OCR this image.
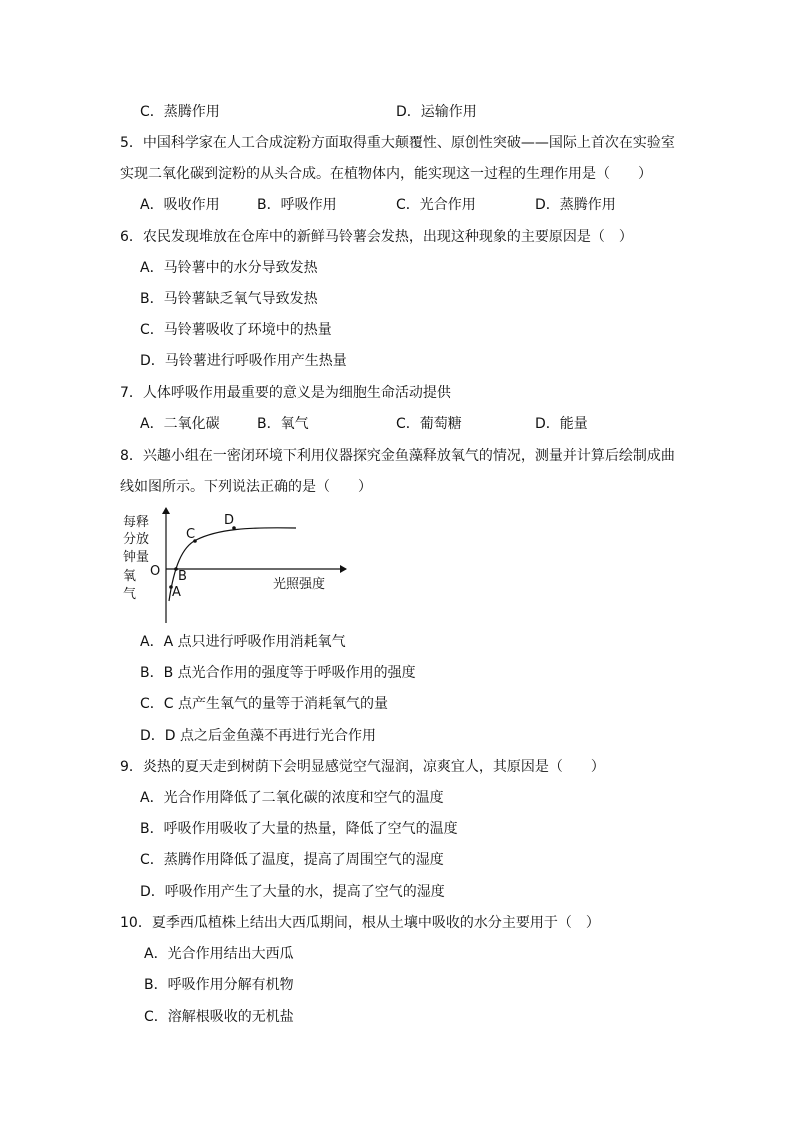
C．蒸腾作用	D．运输作用
5．中国科学家在人工合成淀粉方面取得重大颠覆性、原创性突破——国际上首次在实验室
实现二氧化碳到淀粉的从头合成。在植物体内，能实现这一过程的生理作用是（　　）
A．吸收作用	B．呼吸作用	C．光合作用	D．蒸腾作用
6．农民发现堆放在仓库中的新鲜马铃薯会发热，出现这种现象的主要原因是（　）
A．马铃薯中的水分导致发热
B．马铃薯缺乏氧气导致发热
C．马铃薯吸收了环境中的热量
D．马铃薯进行呼吸作用产生热量
7．人体呼吸作用最重要的意义是为细胞生命活动提供
A．二氧化碳	B．氧气	C．葡萄糖	D．能量
8．兴趣小组在一密闭环境下利用仪器探究金鱼藻释放氧气的情况，测量并计算后绘制成曲
线如图所示。下列说法正确的是（　　）
每释
分放
钟量
氧
气
O
A
B
C
D
光照强度
A．A 点只进行呼吸作用消耗氧气
B．B 点光合作用的强度等于呼吸作用的强度
C．C 点产生氧气的量等于消耗氧气的量
D．D 点之后金鱼藻不再进行光合作用
9．炎热的夏天走到树荫下会明显感觉空气湿润，凉爽宜人，其原因是（　　）
A．光合作用降低了二氧化碳的浓度和空气的温度
B．呼吸作用吸收了大量的热量，降低了空气的温度
C．蒸腾作用降低了温度，提高了周围空气的湿度
D．呼吸作用产生了大量的水，提高了空气的湿度
10．夏季西瓜植株上结出大西瓜期间，根从土壤中吸收的水分主要用于（　）
A．光合作用结出大西瓜
B．呼吸作用分解有机物
C．溶解根吸收的无机盐
